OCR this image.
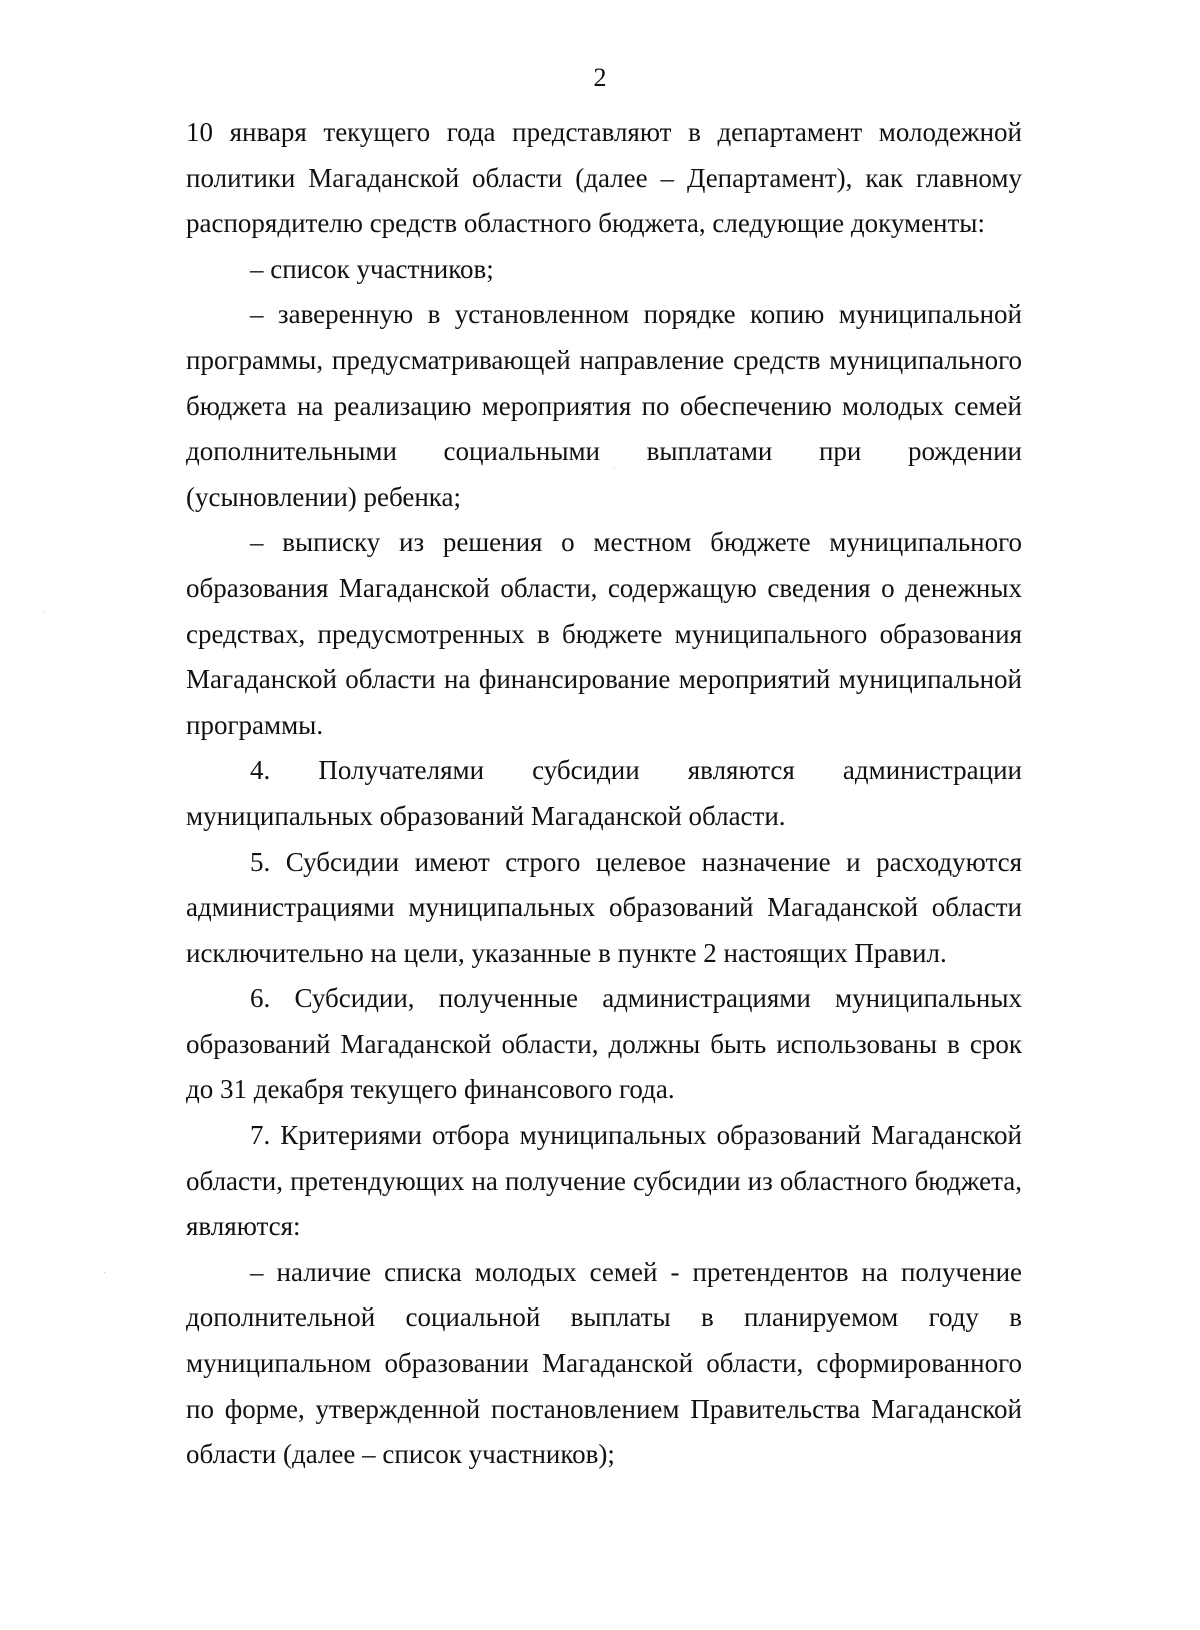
2

10 января текущего года представляют в департамент молодежной политики Магаданской области (далее – Департамент), как главному распорядителю средств областного бюджета, следующие документы:

– список участников;

– заверенную в установленном порядке копию муниципальной программы, предусматривающей направление средств муниципального бюджета на реализацию мероприятия по обеспечению молодых семей дополнительными социальными выплатами при рождении (усыновлении) ребенка;

– выписку из решения о местном бюджете муниципального образования Магаданской области, содержащую сведения о денежных средствах, предусмотренных в бюджете муниципального образования Магаданской области на финансирование мероприятий муниципальной программы.

4. Получателями субсидии являются администрации

муниципальных образований Магаданской области.

5. Субсидии имеют строго целевое назначение и расходуются администрациями муниципальных образований Магаданской области исключительно на цели, указанные в пункте 2 настоящих Правил.

6. Субсидии, полученные администрациями муниципальных образований Магаданской области, должны быть использованы в срок до 31 декабря текущего финансового года.

7. Критериями отбора муниципальных образований Магаданской области, претендующих на получение субсидии из областного бюджета, являются:

– наличие списка молодых семей - претендентов на получение дополнительной социальной выплаты в планируемом году в муниципальном образовании Магаданской области, сформированного по форме, утвержденной постановлением Правительства Магаданской области (далее – список участников);
